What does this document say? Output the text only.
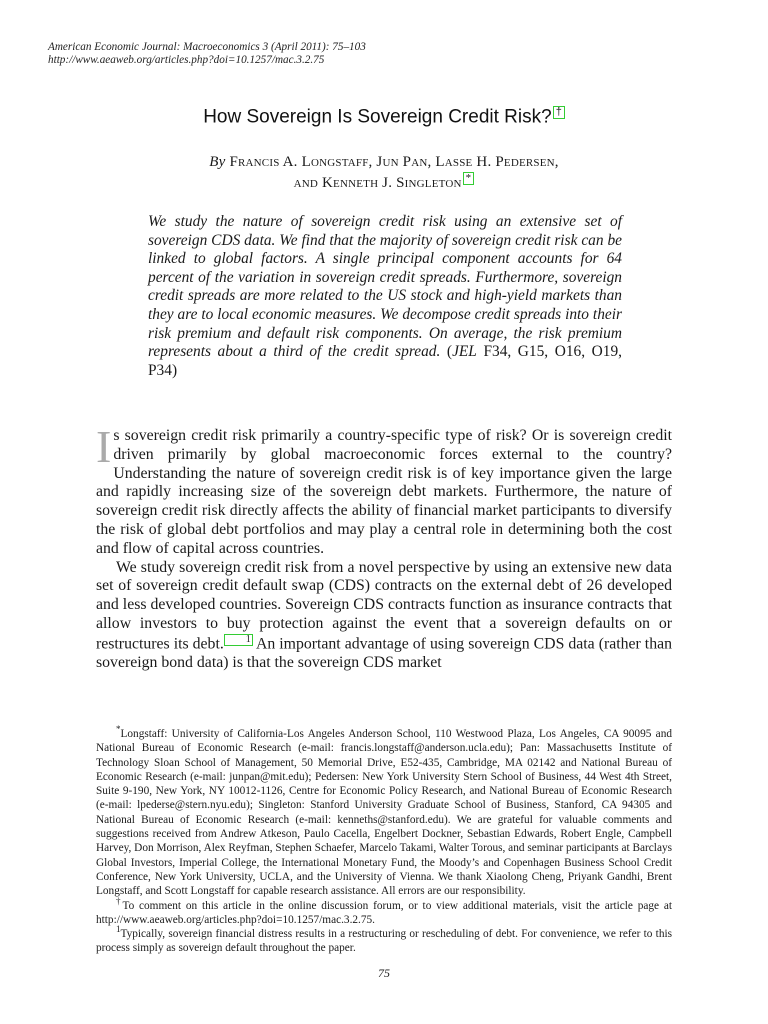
American Economic Journal: Macroeconomics 3 (April 2011): 75–103
http://www.aeaweb.org/articles.php?doi=10.1257/mac.3.2.75
How Sovereign Is Sovereign Credit Risk? †
By Francis A. Longstaff, Jun Pan, Lasse H. Pedersen,
and Kenneth J. Singleton *
We study the nature of sovereign credit risk using an extensive set of sovereign CDS data. We find that the majority of sovereign credit risk can be linked to global factors. A single principal component accounts for 64 percent of the variation in sovereign credit spreads. Furthermore, sovereign credit spreads are more related to the US stock and high-yield markets than they are to local economic measures. We decompose credit spreads into their risk premium and default risk components. On average, the risk premium represents about a third of the credit spread. (JEL F34, G15, O16, O19, P34)

Is sovereign credit risk primarily a country-specific type of risk? Or is sovereign credit driven primarily by global macroeconomic forces external to the country? Understanding the nature of sovereign credit risk is of key importance given the large and rapidly increasing size of the sovereign debt markets. Furthermore, the nature of sovereign credit risk directly affects the ability of financial market participants to diversify the risk of global debt portfolios and may play a central role in determining both the cost and flow of capital across countries.

We study sovereign credit risk from a novel perspective by using an extensive new data set of sovereign credit default swap (CDS) contracts on the external debt of 26 developed and less developed countries. Sovereign CDS contracts function as insurance contracts that allow investors to buy protection against the event that a sovereign defaults on or restructures its debt. 1 An important advantage of using sovereign CDS data (rather than sovereign bond data) is that the sovereign CDS market

*Longstaff: University of California-Los Angeles Anderson School, 110 Westwood Plaza, Los Angeles, CA 90095 and National Bureau of Economic Research (e-mail: francis.longstaff@anderson.ucla.edu); Pan: Massachusetts Institute of Technology Sloan School of Management, 50 Memorial Drive, E52-435, Cambridge, MA 02142 and National Bureau of Economic Research (e-mail: junpan@mit.edu); Pedersen: New York University Stern School of Business, 44 West 4th Street, Suite 9-190, New York, NY 10012-1126, Centre for Economic Policy Research, and National Bureau of Economic Research (e-mail: lpederse@stern.nyu.edu); Singleton: Stanford University Graduate School of Business, Stanford, CA 94305 and National Bureau of Economic Research (e-mail: kenneths@stanford.edu). We are grateful for valuable comments and suggestions received from Andrew Atkeson, Paulo Cacella, Engelbert Dockner, Sebastian Edwards, Robert Engle, Campbell Harvey, Don Morrison, Alex Reyfman, Stephen Schaefer, Marcelo Takami, Walter Torous, and seminar participants at Barclays Global Investors, Imperial College, the International Monetary Fund, the Moody’s and Copenhagen Business School Credit Conference, New York University, UCLA, and the University of Vienna. We thank Xiaolong Cheng, Priyank Gandhi, Brent Longstaff, and Scott Longstaff for capable research assistance. All errors are our responsibility.

†To comment on this article in the online discussion forum, or to view additional materials, visit the article page at http://www.aeaweb.org/articles.php?doi=10.1257/mac.3.2.75.

$^1$Typically, sovereign financial distress results in a restructuring or rescheduling of debt. For convenience, we refer to this process simply as sovereign default throughout the paper.

75
